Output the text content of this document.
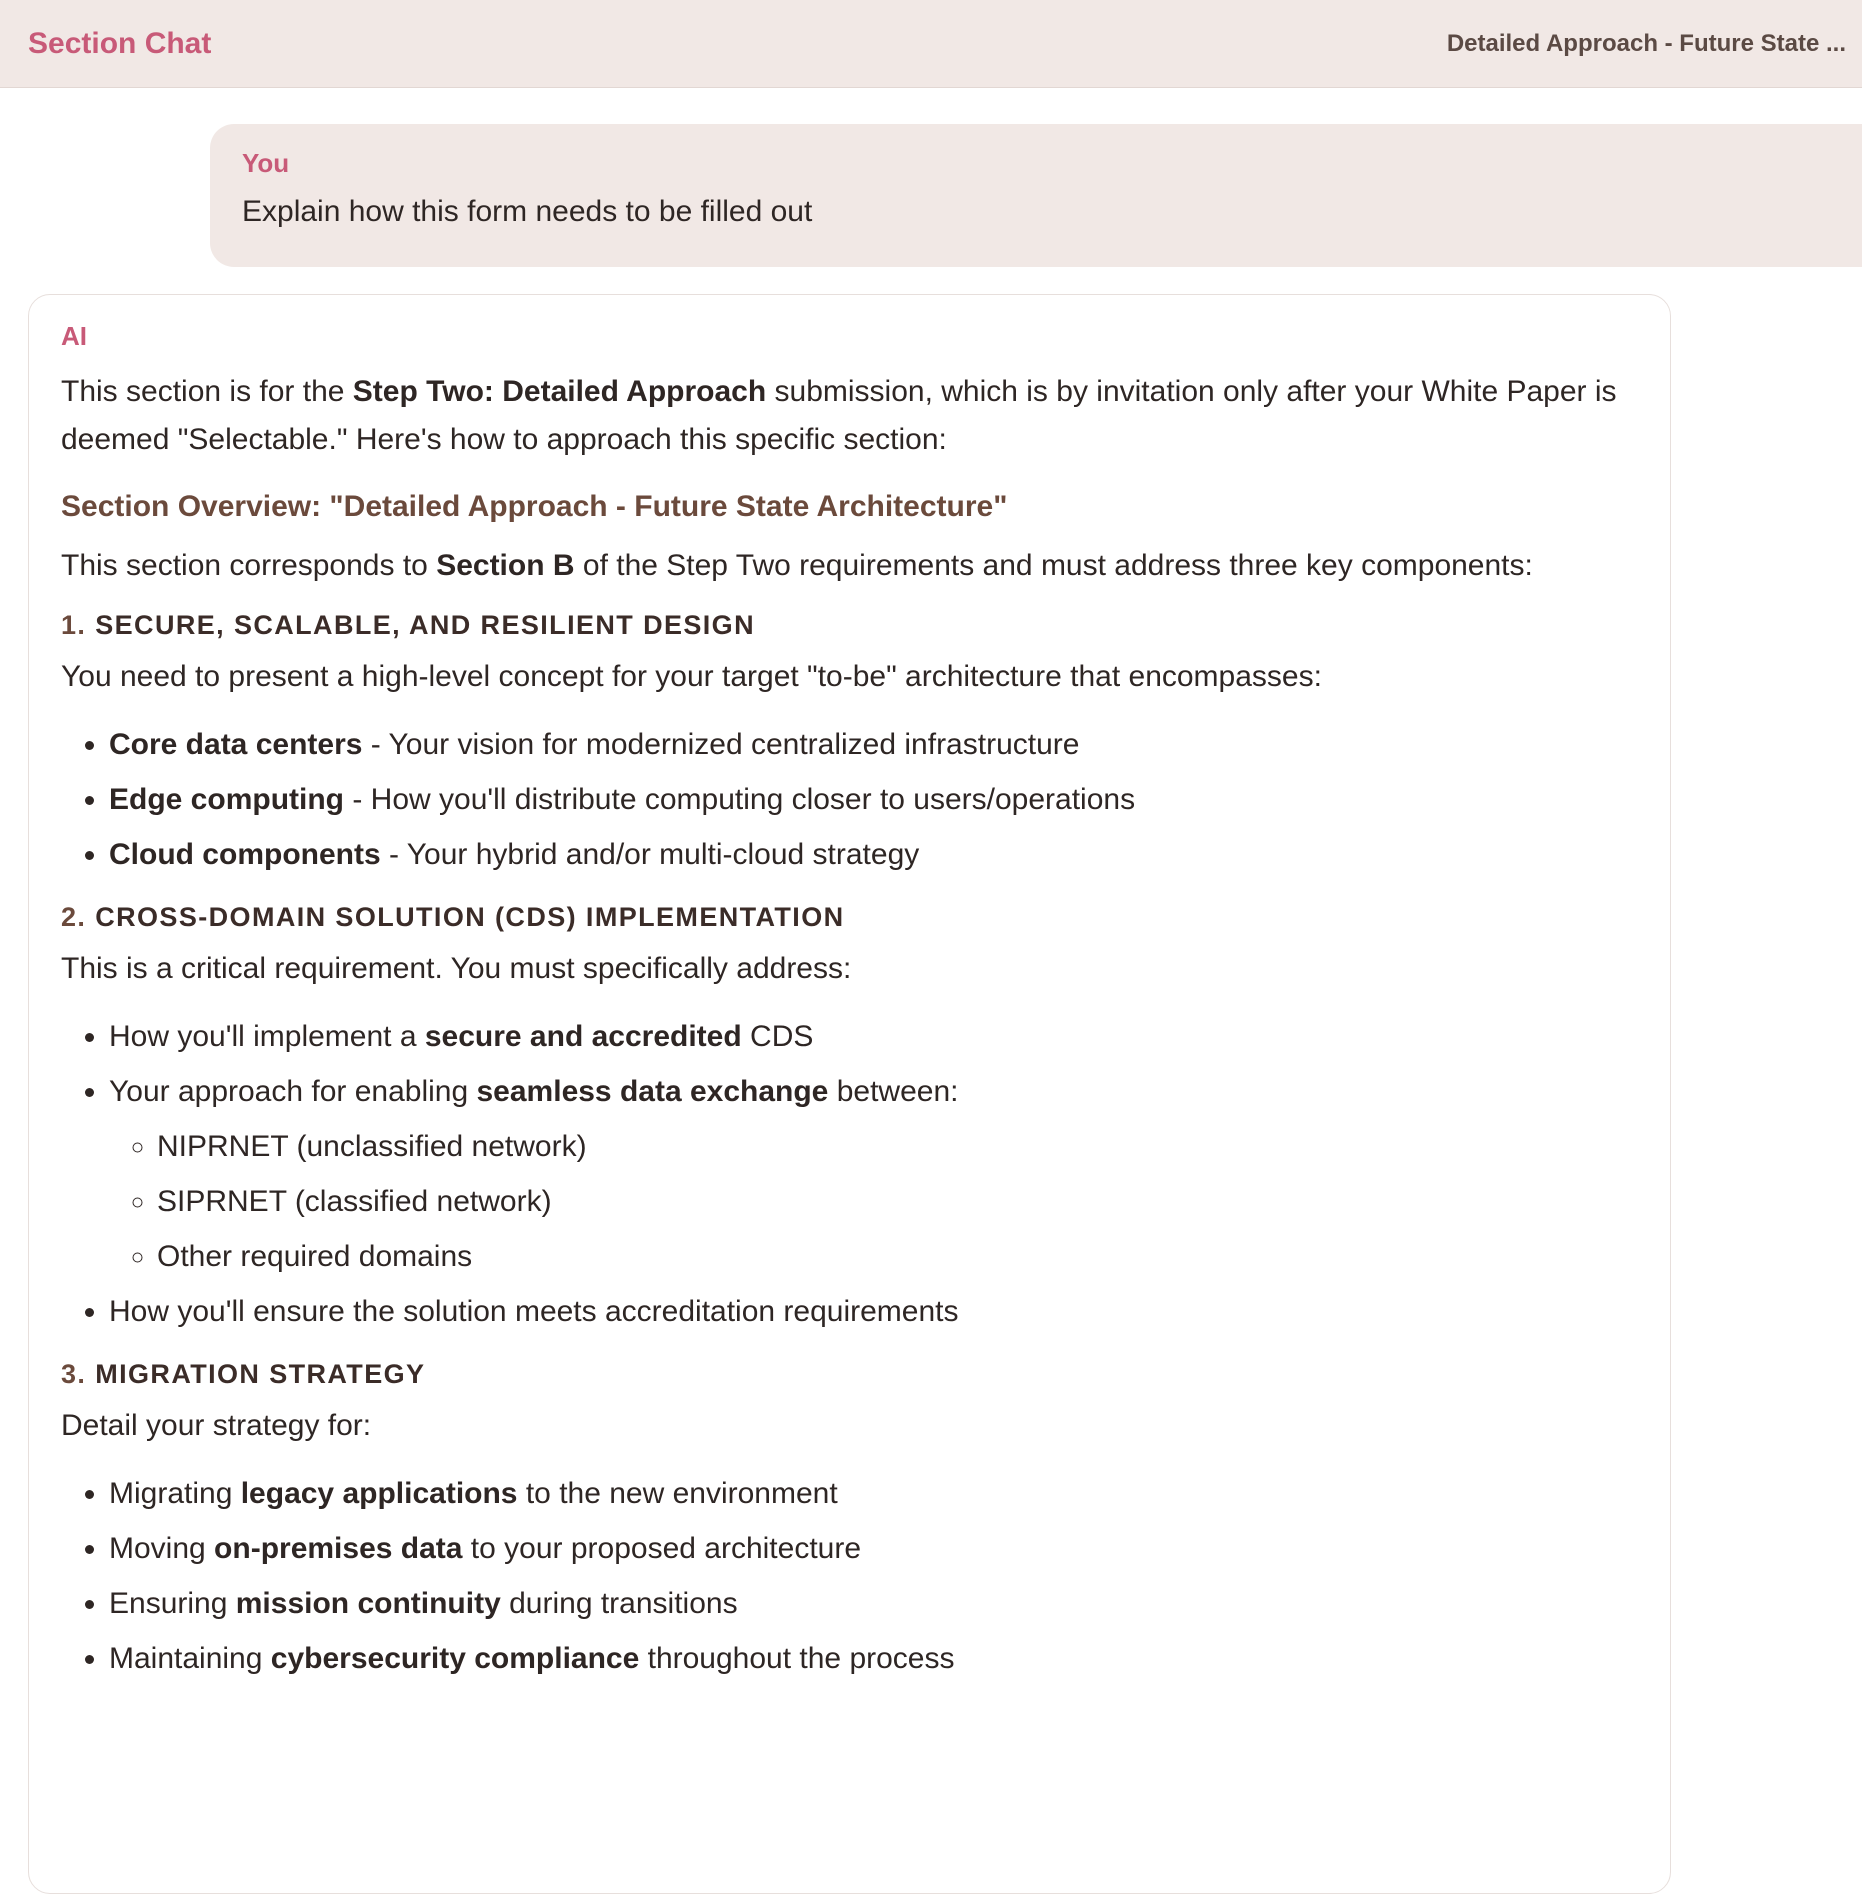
Section Chat	Detailed Approach - Future State ...
You
Explain how this form needs to be filled out
AI

This section is for the Step Two: Detailed Approach submission, which is by invitation only after your White Paper is deemed "Selectable." Here's how to approach this specific section:

Section Overview: "Detailed Approach - Future State Architecture"

This section corresponds to Section B of the Step Two requirements and must address three key components:

1. SECURE, SCALABLE, AND RESILIENT DESIGN

You need to present a high-level concept for your target "to-be" architecture that encompasses:

• Core data centers - Your vision for modernized centralized infrastructure
• Edge computing - How you'll distribute computing closer to users/operations
• Cloud components - Your hybrid and/or multi-cloud strategy
2. CROSS-DOMAIN SOLUTION (CDS) IMPLEMENTATION

This is a critical requirement. You must specifically address:

• How you'll implement a secure and accredited CDS
• Your approach for enabling seamless data exchange between:
◦ NIPRNET (unclassified network)
◦ SIPRNET (classified network)
◦ Other required domains
• How you'll ensure the solution meets accreditation requirements
3. MIGRATION STRATEGY

Detail your strategy for:

• Migrating legacy applications to the new environment
• Moving on-premises data to your proposed architecture
• Ensuring mission continuity during transitions
• Maintaining cybersecurity compliance throughout the process
